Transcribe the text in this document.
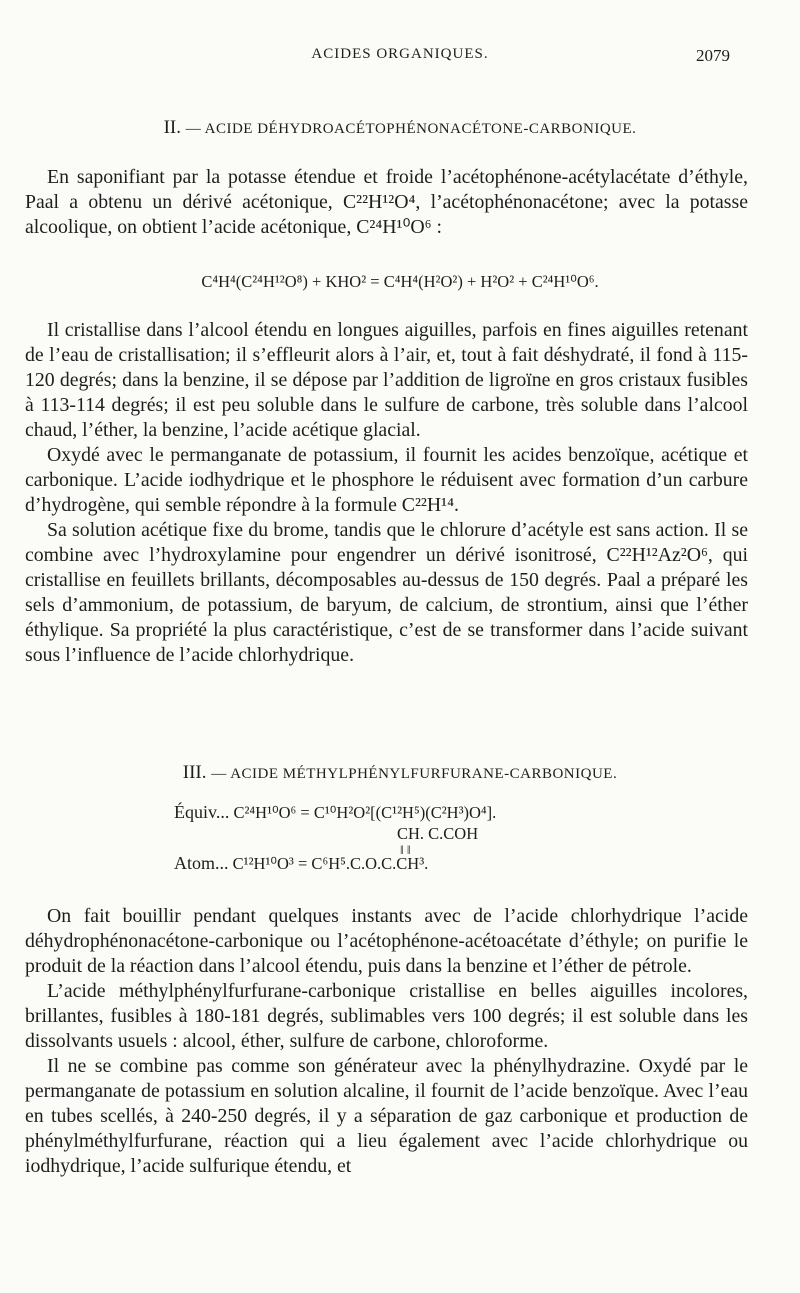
ACIDES ORGANIQUES.	2079
II. — ACIDE DÉHYDROACÉTOPHÉNONACÉTONE-CARBONIQUE.

En saponifiant par la potasse étendue et froide l’acétophénone-acétylacétate d’éthyle, Paal a obtenu un dérivé acétonique, C²²H¹²O⁴, l’acétophénonacétone; avec la potasse alcoolique, on obtient l’acide acétonique, C²⁴H¹⁰O⁶ :

C⁴H⁴(C²⁴H¹²O⁸) + KHO² = C⁴H⁴(H²O²) + H²O² + C²⁴H¹⁰O⁶.

Il cristallise dans l’alcool étendu en longues aiguilles, parfois en fines aiguilles retenant de l’eau de cristallisation; il s’effleurit alors à l’air, et, tout à fait déshydraté, il fond à 115-120 degrés; dans la benzine, il se dépose par l’addition de ligroïne en gros cristaux fusibles à 113-114 degrés; il est peu soluble dans le sulfure de carbone, très soluble dans l’alcool chaud, l’éther, la benzine, l’acide acétique glacial.

Oxydé avec le permanganate de potassium, il fournit les acides benzoïque, acétique et carbonique. L’acide iodhydrique et le phosphore le réduisent avec formation d’un carbure d’hydrogène, qui semble répondre à la formule C²²H¹⁴.

Sa solution acétique fixe du brome, tandis que le chlorure d’acétyle est sans action. Il se combine avec l’hydroxylamine pour engendrer un dérivé isonitrosé, C²²H¹²Az²O⁶, qui cristallise en feuillets brillants, décomposables au-dessus de 150 degrés. Paal a préparé les sels d’ammonium, de potassium, de baryum, de calcium, de strontium, ainsi que l’éther éthylique. Sa propriété la plus caractéristique, c’est de se transformer dans l’acide suivant sous l’influence de l’acide chlorhydrique.

III. — ACIDE MÉTHYLPHÉNYLFURFURANE-CARBONIQUE.
Équiv... C²⁴H¹⁰O⁶ = C¹⁰H²O²[(C¹²H⁵)(C²H³)O⁴].
CH. C.COH
‖ ‖
Atom... C¹²H¹⁰O³ = C⁶H⁵.C.O.C.CH³.

On fait bouillir pendant quelques instants avec de l’acide chlorhydrique l’acide déhydrophénonacétone-carbonique ou l’acétophénone-acétoacétate d’éthyle; on purifie le produit de la réaction dans l’alcool étendu, puis dans la benzine et l’éther de pétrole.

L’acide méthylphénylfurfurane-carbonique cristallise en belles aiguilles incolores, brillantes, fusibles à 180-181 degrés, sublimables vers 100 degrés; il est soluble dans les dissolvants usuels : alcool, éther, sulfure de carbone, chloroforme.

Il ne se combine pas comme son générateur avec la phénylhydrazine. Oxydé par le permanganate de potassium en solution alcaline, il fournit de l’acide benzoïque. Avec l’eau en tubes scellés, à 240-250 degrés, il y a séparation de gaz carbonique et production de phénylméthylfurfurane, réaction qui a lieu également avec l’acide chlorhydrique ou iodhydrique, l’acide sulfurique étendu, et
